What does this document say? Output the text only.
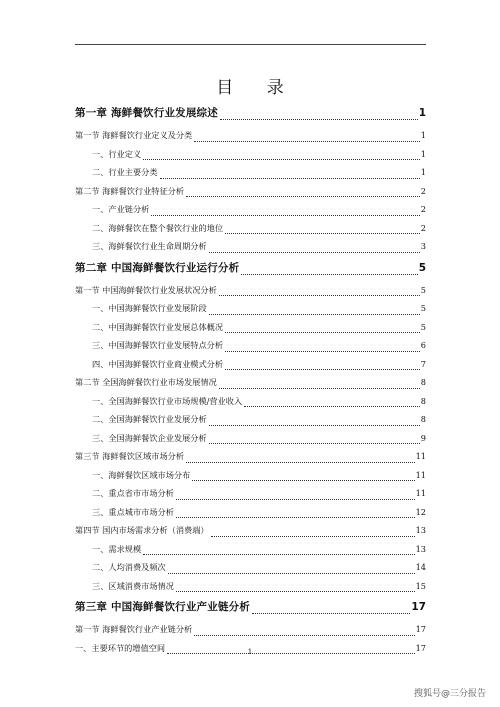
目 录
第一章 海鲜餐饮行业发展综述	1
第一节 海鲜餐饮行业定义及分类	1
一、行业定义	1
二、行业主要分类	1
第二节 海鲜餐饮行业特征分析	2
一、产业链分析	2
二、海鲜餐饮在整个餐饮行业的地位	2
三、海鲜餐饮行业生命周期分析	3
第二章 中国海鲜餐饮行业运行分析	5
第一节 中国海鲜餐饮行业发展状况分析	5
一、中国海鲜餐饮行业发展阶段	5
二、中国海鲜餐饮行业发展总体概况	5
三、中国海鲜餐饮行业发展特点分析	6
四、中国海鲜餐饮行业商业模式分析	7
第二节 全国海鲜餐饮行业市场发展情况	8
一、全国海鲜餐饮行业市场规模/营业收入	8
二、全国海鲜餐饮行业发展分析	8
三、全国海鲜餐饮企业发展分析	9
第三节 海鲜餐饮区域市场分析	11
一、海鲜餐饮区域市场分布	11
二、重点省市市场分析	11
三、重点城市市场分析	12
第四节 国内市场需求分析（消费端）	13
一、需求规模	13
二、人均消费及频次	14
三、区域消费市场情况	15
第三章 中国海鲜餐饮行业产业链分析	17
第一节 海鲜餐饮行业产业链分析	17
一、主要环节的增值空间	17
1
搜狐号@三分报告
